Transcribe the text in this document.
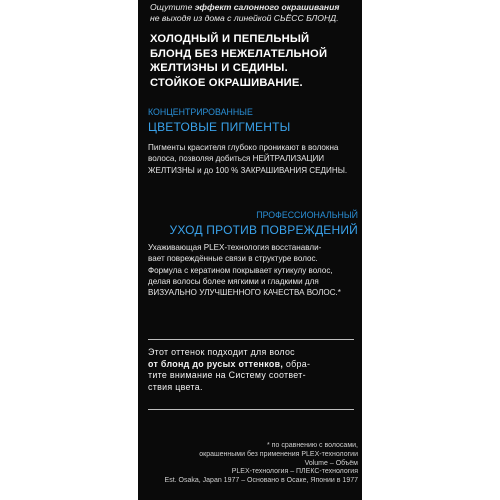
Ощутите эффект салонного окрашивания
не выходя из дома с линейкой СЬЁСС БЛОНД.
ХОЛОДНЫЙ И ПЕПЕЛЬНЫЙ
БЛОНД БЕЗ НЕЖЕЛАТЕЛЬНОЙ
ЖЕЛТИЗНЫ И СЕДИНЫ.
СТОЙКОЕ ОКРАШИВАНИЕ.
КОНЦЕНТРИРОВАННЫЕ
ЦВЕТОВЫЕ ПИГМЕНТЫ
Пигменты красителя глубоко проникают в волокна
волоса, позволяя добиться НЕЙТРАЛИЗАЦИИ
ЖЕЛТИЗНЫ и до 100 % ЗАКРАШИВАНИЯ СЕДИНЫ.
ПРОФЕССИОНАЛЬНЫЙ
УХОД ПРОТИВ ПОВРЕЖДЕНИЙ
Ухаживающая PLEX-технология восстанавли-
вает повреждённые связи в структуре волос.
Формула с кератином покрывает кутикулу волос,
делая волосы более мягкими и гладкими для
ВИЗУАЛЬНО УЛУЧШЕННОГО КАЧЕСТВА ВОЛОС.*
Этот оттенок подходит для волос
от блонд до русых оттенков, обра-
тите внимание на Систему соответ-
ствия цвета.
* по сравнению с волосами,
окрашенными без применения PLEX-технологии
Volume – Объём
PLEX-технология – ПЛЕКС-технология
Est. Osaka, Japan 1977 – Основано в Осаке, Японии в 1977
